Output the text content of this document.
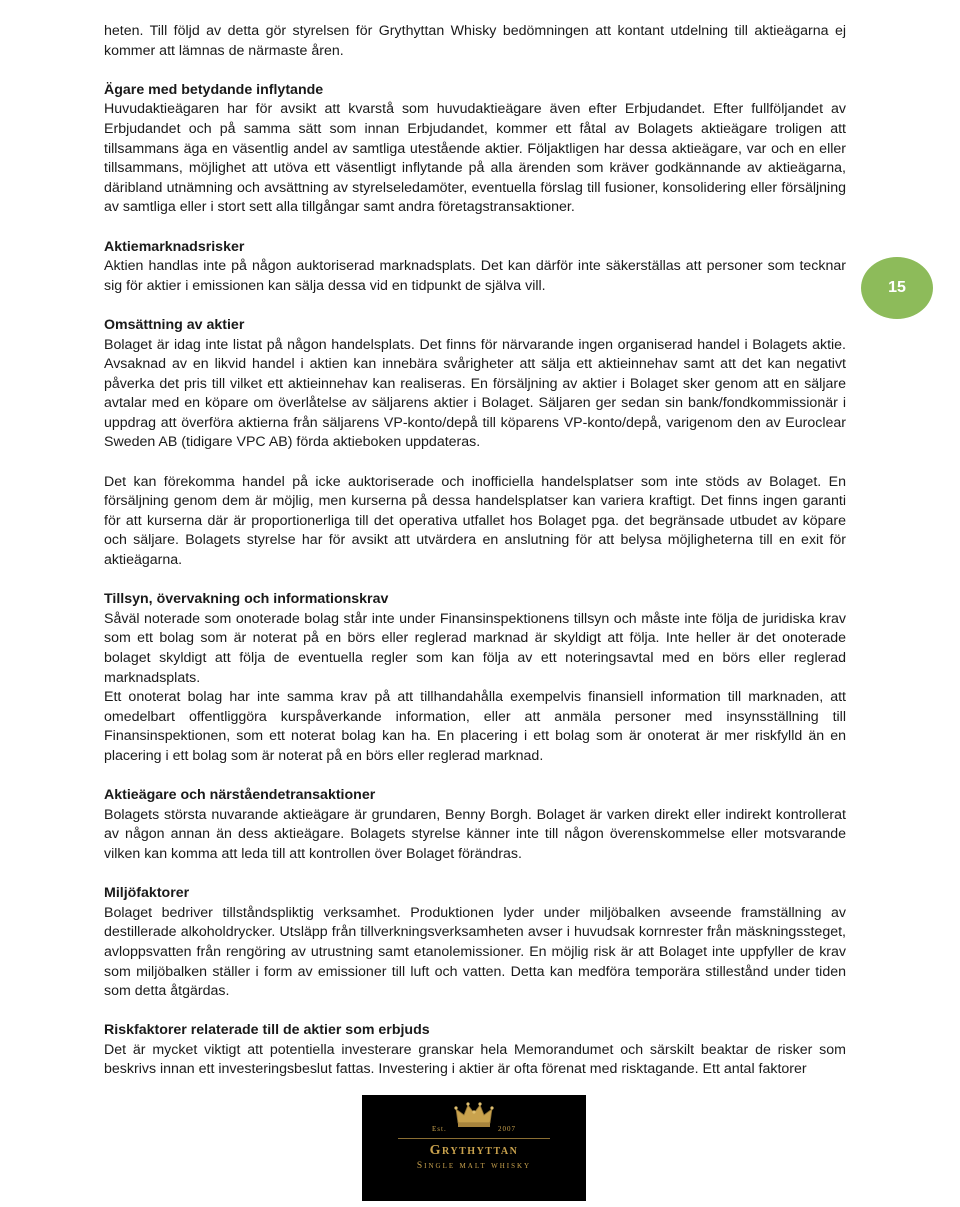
heten. Till följd av detta gör styrelsen för Grythyttan Whisky bedömningen att kontant utdelning till aktieägarna ej kommer att lämnas de närmaste åren.

Ägare med betydande inflytande

Huvudaktieägaren har för avsikt att kvarstå som huvudaktieägare även efter Erbjudandet. Efter fullföljandet av Erbjudandet och på samma sätt som innan Erbjudandet, kommer ett fåtal av Bolagets aktieägare troligen att tillsammans äga en väsentlig andel av samtliga utestående aktier. Följaktligen har dessa aktieägare, var och en eller tillsammans, möjlighet att utöva ett väsentligt inflytande på alla ärenden som kräver godkännande av aktieägarna, däribland utnämning och avsättning av styrelseledamöter, eventuella förslag till fusioner, konsolidering eller försäljning av samtliga eller i stort sett alla tillgångar samt andra företagstransaktioner.

Aktiemarknadsrisker

Aktien handlas inte på någon auktoriserad marknadsplats. Det kan därför inte säkerställas att personer som tecknar sig för aktier i emissionen kan sälja dessa vid en tidpunkt de själva vill.

Omsättning av aktier

Bolaget är idag inte listat på någon handelsplats. Det finns för närvarande ingen organiserad handel i Bolagets aktie. Avsaknad av en likvid handel i aktien kan innebära svårigheter att sälja ett aktieinnehav samt att det kan negativt påverka det pris till vilket ett aktieinnehav kan realiseras. En försäljning av aktier i Bolaget sker genom att en säljare avtalar med en köpare om överlåtelse av säljarens aktier i Bolaget. Säljaren ger sedan sin bank/fondkommissionär i uppdrag att överföra aktierna från säljarens VP-konto/depå till köparens VP-konto/depå, varigenom den av Euroclear Sweden AB (tidigare VPC AB) förda aktieboken uppdateras.

Det kan förekomma handel på icke auktoriserade och inofficiella handelsplatser som inte stöds av Bolaget. En försäljning genom dem är möjlig, men kurserna på dessa handelsplatser kan variera kraftigt. Det finns ingen garanti för att kurserna där är proportionerliga till det operativa utfallet hos Bolaget pga. det begränsade utbudet av köpare och säljare. Bolagets styrelse har för avsikt att utvärdera en anslutning för att belysa möjligheterna till en exit för aktieägarna.

Tillsyn, övervakning och informationskrav

Såväl noterade som onoterade bolag står inte under Finansinspektionens tillsyn och måste inte följa de juridiska krav som ett bolag som är noterat på en börs eller reglerad marknad är skyldigt att följa. Inte heller är det onoterade bolaget skyldigt att följa de eventuella regler som kan följa av ett noteringsavtal med en börs eller reglerad marknadsplats.

Ett onoterat bolag har inte samma krav på att tillhandahålla exempelvis finansiell information till marknaden, att omedelbart offentliggöra kurspåverkande information, eller att anmäla personer med insynsställning till Finansinspektionen, som ett noterat bolag kan ha. En placering i ett bolag som är onoterat är mer riskfylld än en placering i ett bolag som är noterat på en börs eller reglerad marknad.

Aktieägare och närståendetransaktioner

Bolagets största nuvarande aktieägare är grundaren, Benny Borgh. Bolaget är varken direkt eller indirekt kontrollerat av någon annan än dess aktieägare. Bolagets styrelse känner inte till någon överenskommelse eller motsvarande vilken kan komma att leda till att kontrollen över Bolaget förändras.

Miljöfaktorer

Bolaget bedriver tillståndspliktig verksamhet. Produktionen lyder under miljöbalken avseende framställning av destillerade alkoholdrycker. Utsläpp från tillverkningsverksamheten avser i huvudsak kornrester från mäskningssteget, avloppsvatten från rengöring av utrustning samt etanolemissioner. En möjlig risk är att Bolaget inte uppfyller de krav som miljöbalken ställer i form av emissioner till luft och vatten. Detta kan medföra temporära stillestånd under tiden som detta åtgärdas.

Riskfaktorer relaterade till de aktier som erbjuds

Det är mycket viktigt att potentiella investerare granskar hela Memorandumet och särskilt beaktar de risker som beskrivs innan ett investeringsbeslut fattas. Investering i aktier är ofta förenat med risktagande. Ett antal faktorer

15
Est.	2007
Grythyttan
Single malt whisky
